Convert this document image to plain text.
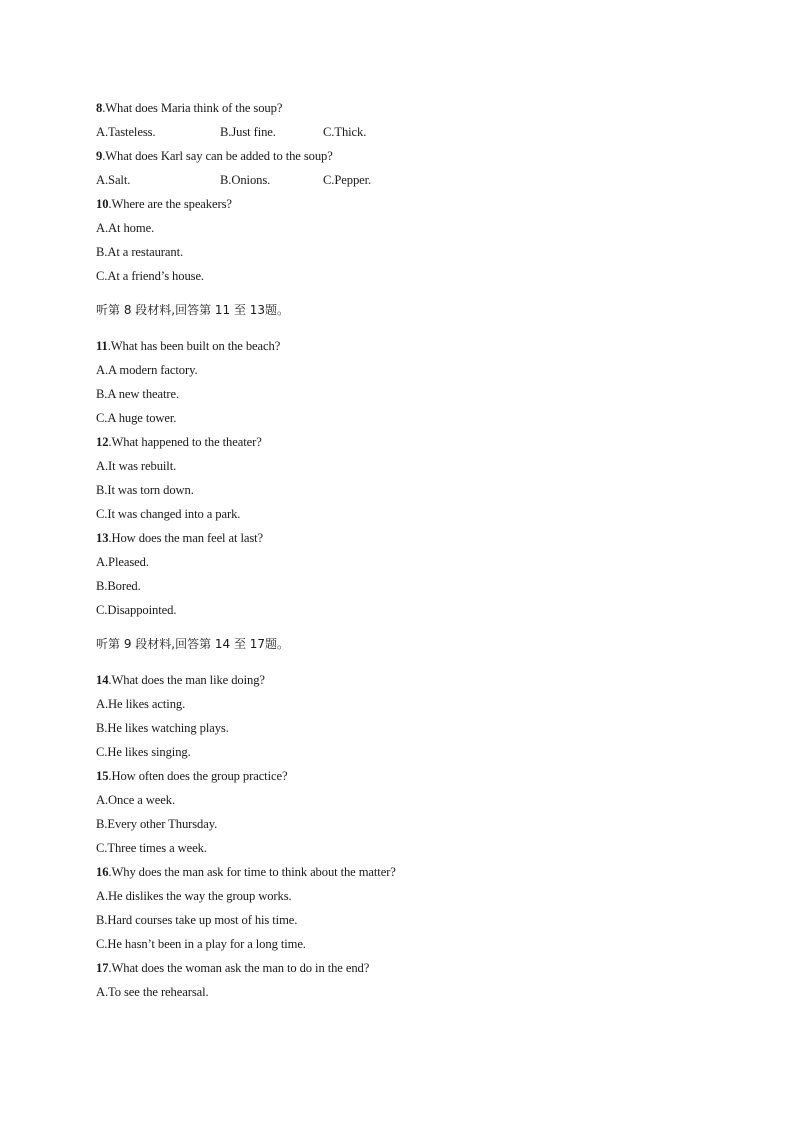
8.What does Maria think of the soup?
A.Tasteless.	B.Just fine.	C.Thick.
9.What does Karl say can be added to the soup?
A.Salt.	B.Onions.	C.Pepper.
10.Where are the speakers?
A.At home.
B.At a restaurant.
C.At a friend’s house.
听第 8 段材料,回答第 11 至 13题。
11.What has been built on the beach?
A.A modern factory.
B.A new theatre.
C.A huge tower.
12.What happened to the theater?
A.It was rebuilt.
B.It was torn down.
C.It was changed into a park.
13.How does the man feel at last?
A.Pleased.
B.Bored.
C.Disappointed.
听第 9 段材料,回答第 14 至 17题。
14.What does the man like doing?
A.He likes acting.
B.He likes watching plays.
C.He likes singing.
15.How often does the group practice?
A.Once a week.
B.Every other Thursday.
C.Three times a week.
16.Why does the man ask for time to think about the matter?
A.He dislikes the way the group works.
B.Hard courses take up most of his time.
C.He hasn’t been in a play for a long time.
17.What does the woman ask the man to do in the end?
A.To see the rehearsal.
